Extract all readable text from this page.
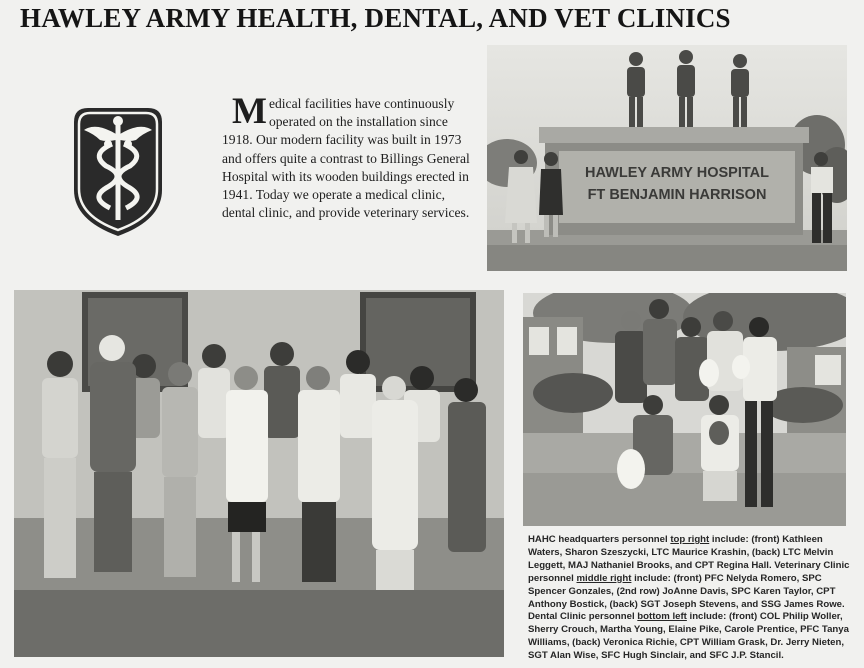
HAWLEY ARMY HEALTH, DENTAL, AND VET CLINICS
Medical facilities have continuously operated on the installation since 1918. Our modern facility was built in 1973 and offers quite a contrast to Billings General Hospital with its wooden buildings erected in 1941. Today we operate a medical clinic, dental clinic, and provide veterinary services.
HAWLEY ARMY HOSPITAL
FT BENJAMIN HARRISON
HAHC headquarters personnel top right include: (front) Kathleen Waters, Sharon Szeszycki, LTC Maurice Krashin, (back) LTC Melvin Leggett, MAJ Nathaniel Brooks, and CPT Regina Hall. Veterinary Clinic personnel middle right include: (front) PFC Nelyda Romero, SPC Spencer Gonzales, (2nd row) JoAnne Davis, SPC Karen Taylor, CPT Anthony Bostick, (back) SGT Joseph Stevens, and SSG James Rowe. Dental Clinic personnel bottom left include: (front) COL Philip Woller, Sherry Crouch, Martha Young, Elaine Pike, Carole Prentice, PFC Tanya Williams, (back) Veronica Richie, CPT William Grask, Dr. Jerry Nieten, SGT Alan Wise, SFC Hugh Sinclair, and SFC J.P. Stancil.
